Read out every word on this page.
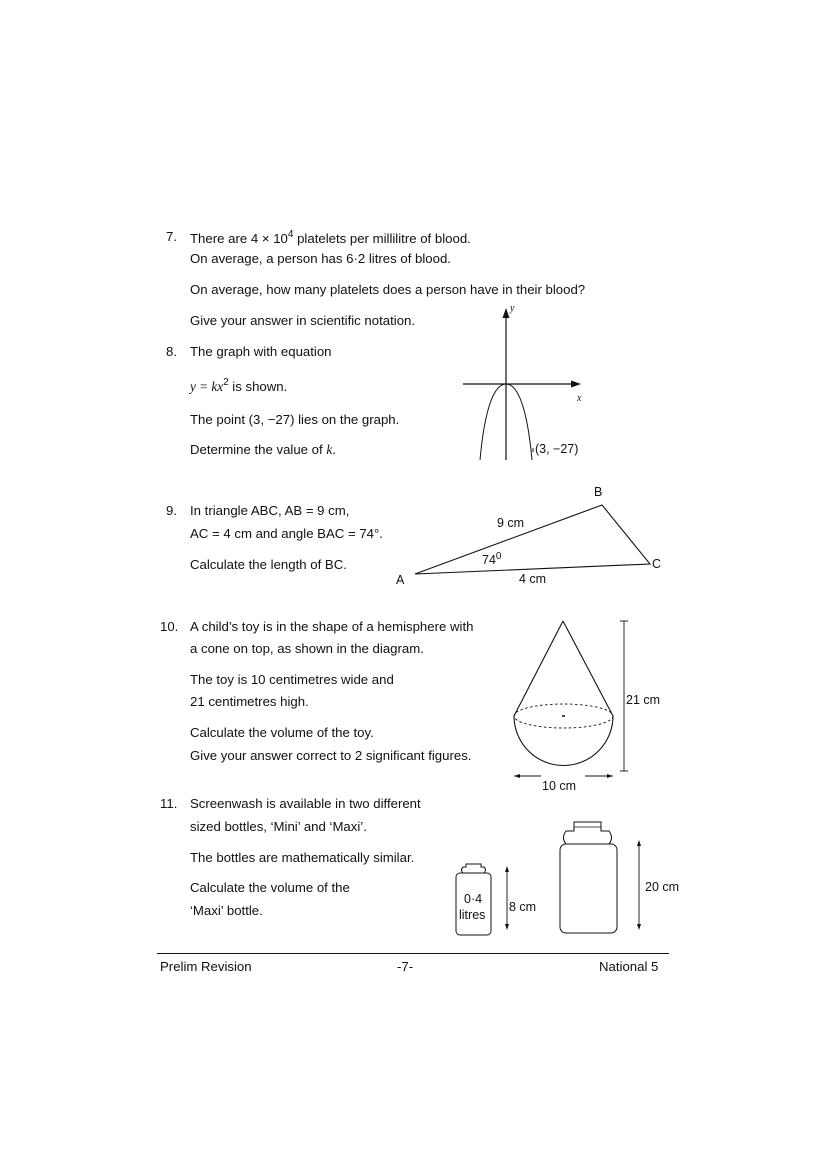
7. There are $4 \times 10^4$ platelets per millilitre of blood.
On average, a person has 6·2 litres of blood.
On average, how many platelets does a person have in their blood?
Give your answer in scientific notation.
8. The graph with equation
$y = kx^2$ is shown.
The point (3, −27) lies on the graph.
Determine the value of k.
y
x
(3, −27)
9. In triangle ABC, AB = 9 cm,
AC = 4 cm and angle BAC = 74°.
Calculate the length of BC.
A
B
C
9 cm
4 cm
$74^0$
10. A child’s toy is in the shape of a hemisphere with
a cone on top, as shown in the diagram.
The toy is 10 centimetres wide and
21 centimetres high.
Calculate the volume of the toy.
Give your answer correct to 2 significant figures.
21 cm
10 cm
11. Screenwash is available in two different
sized bottles, ‘Mini’ and ‘Maxi’.
The bottles are mathematically similar.
Calculate the volume of the
‘Maxi’ bottle.
0·4
litres
8 cm
20 cm
Prelim Revision	-7-	National 5
